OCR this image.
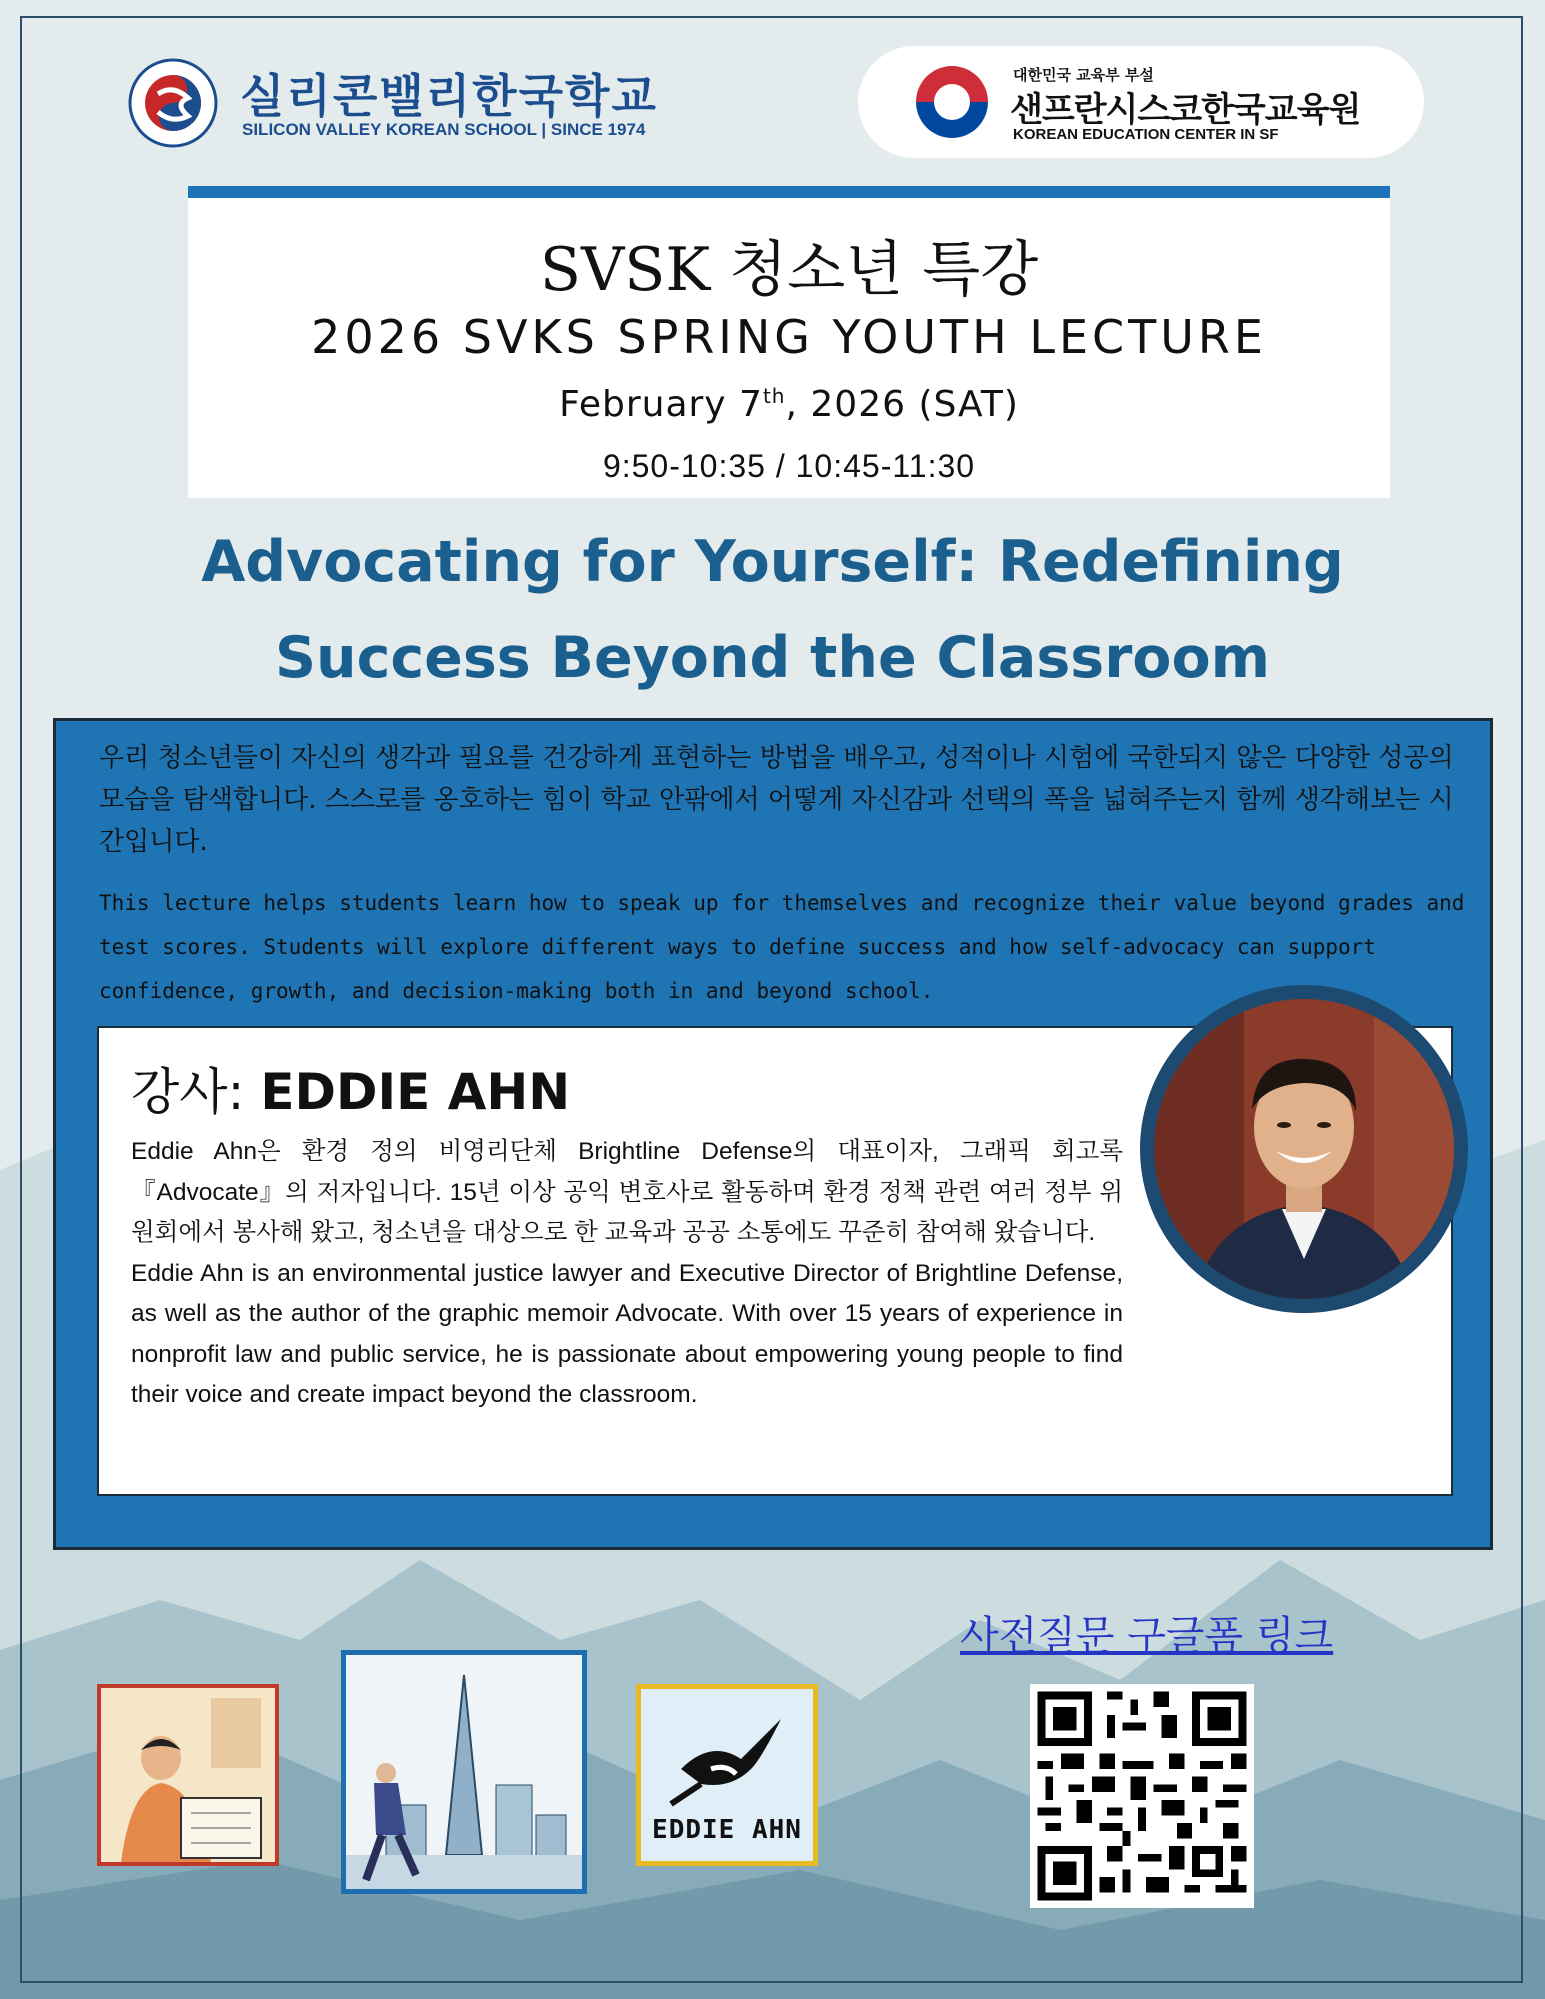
실리콘밸리한국학교
SILICON VALLEY KOREAN SCHOOL | SINCE 1974
대한민국 교육부 부설
샌프란시스코한국교육원
KOREAN EDUCATION CENTER IN SF
SVSK 청소년 특강
2026 SVKS SPRING YOUTH LECTURE
February 7th, 2026 (SAT)
9:50-10:35 / 10:45-11:30
Advocating for Yourself: Redefining
Success Beyond the Classroom
우리 청소년들이 자신의 생각과 필요를 건강하게 표현하는 방법을 배우고, 성적이나 시험에 국한되지 않은 다양한 성공의 모습을 탐색합니다. 스스로를 옹호하는 힘이 학교 안팎에서 어떻게 자신감과 선택의 폭을 넓혀주는지 함께 생각해보는 시간입니다.
This lecture helps students learn how to speak up for themselves and recognize their value beyond grades and test scores. Students will explore different ways to define success and how self-advocacy can support confidence, growth, and decision-making both in and beyond school.
강사: EDDIE AHN

Eddie Ahn은 환경 정의 비영리단체 Brightline Defense의 대표이자, 그래픽 회고록 『Advocate』의 저자입니다. 15년 이상 공익 변호사로 활동하며 환경 정책 관련 여러 정부 위원회에서 봉사해 왔고, 청소년을 대상으로 한 교육과 공공 소통에도 꾸준히 참여해 왔습니다.

Eddie Ahn is an environmental justice lawyer and Executive Director of Brightline Defense, as well as the author of the graphic memoir Advocate. With over 15 years of experience in nonprofit law and public service, he is passionate about empowering young people to find their voice and create impact beyond the classroom.

사전질문 구글폼 링크
EDDIE AHN
